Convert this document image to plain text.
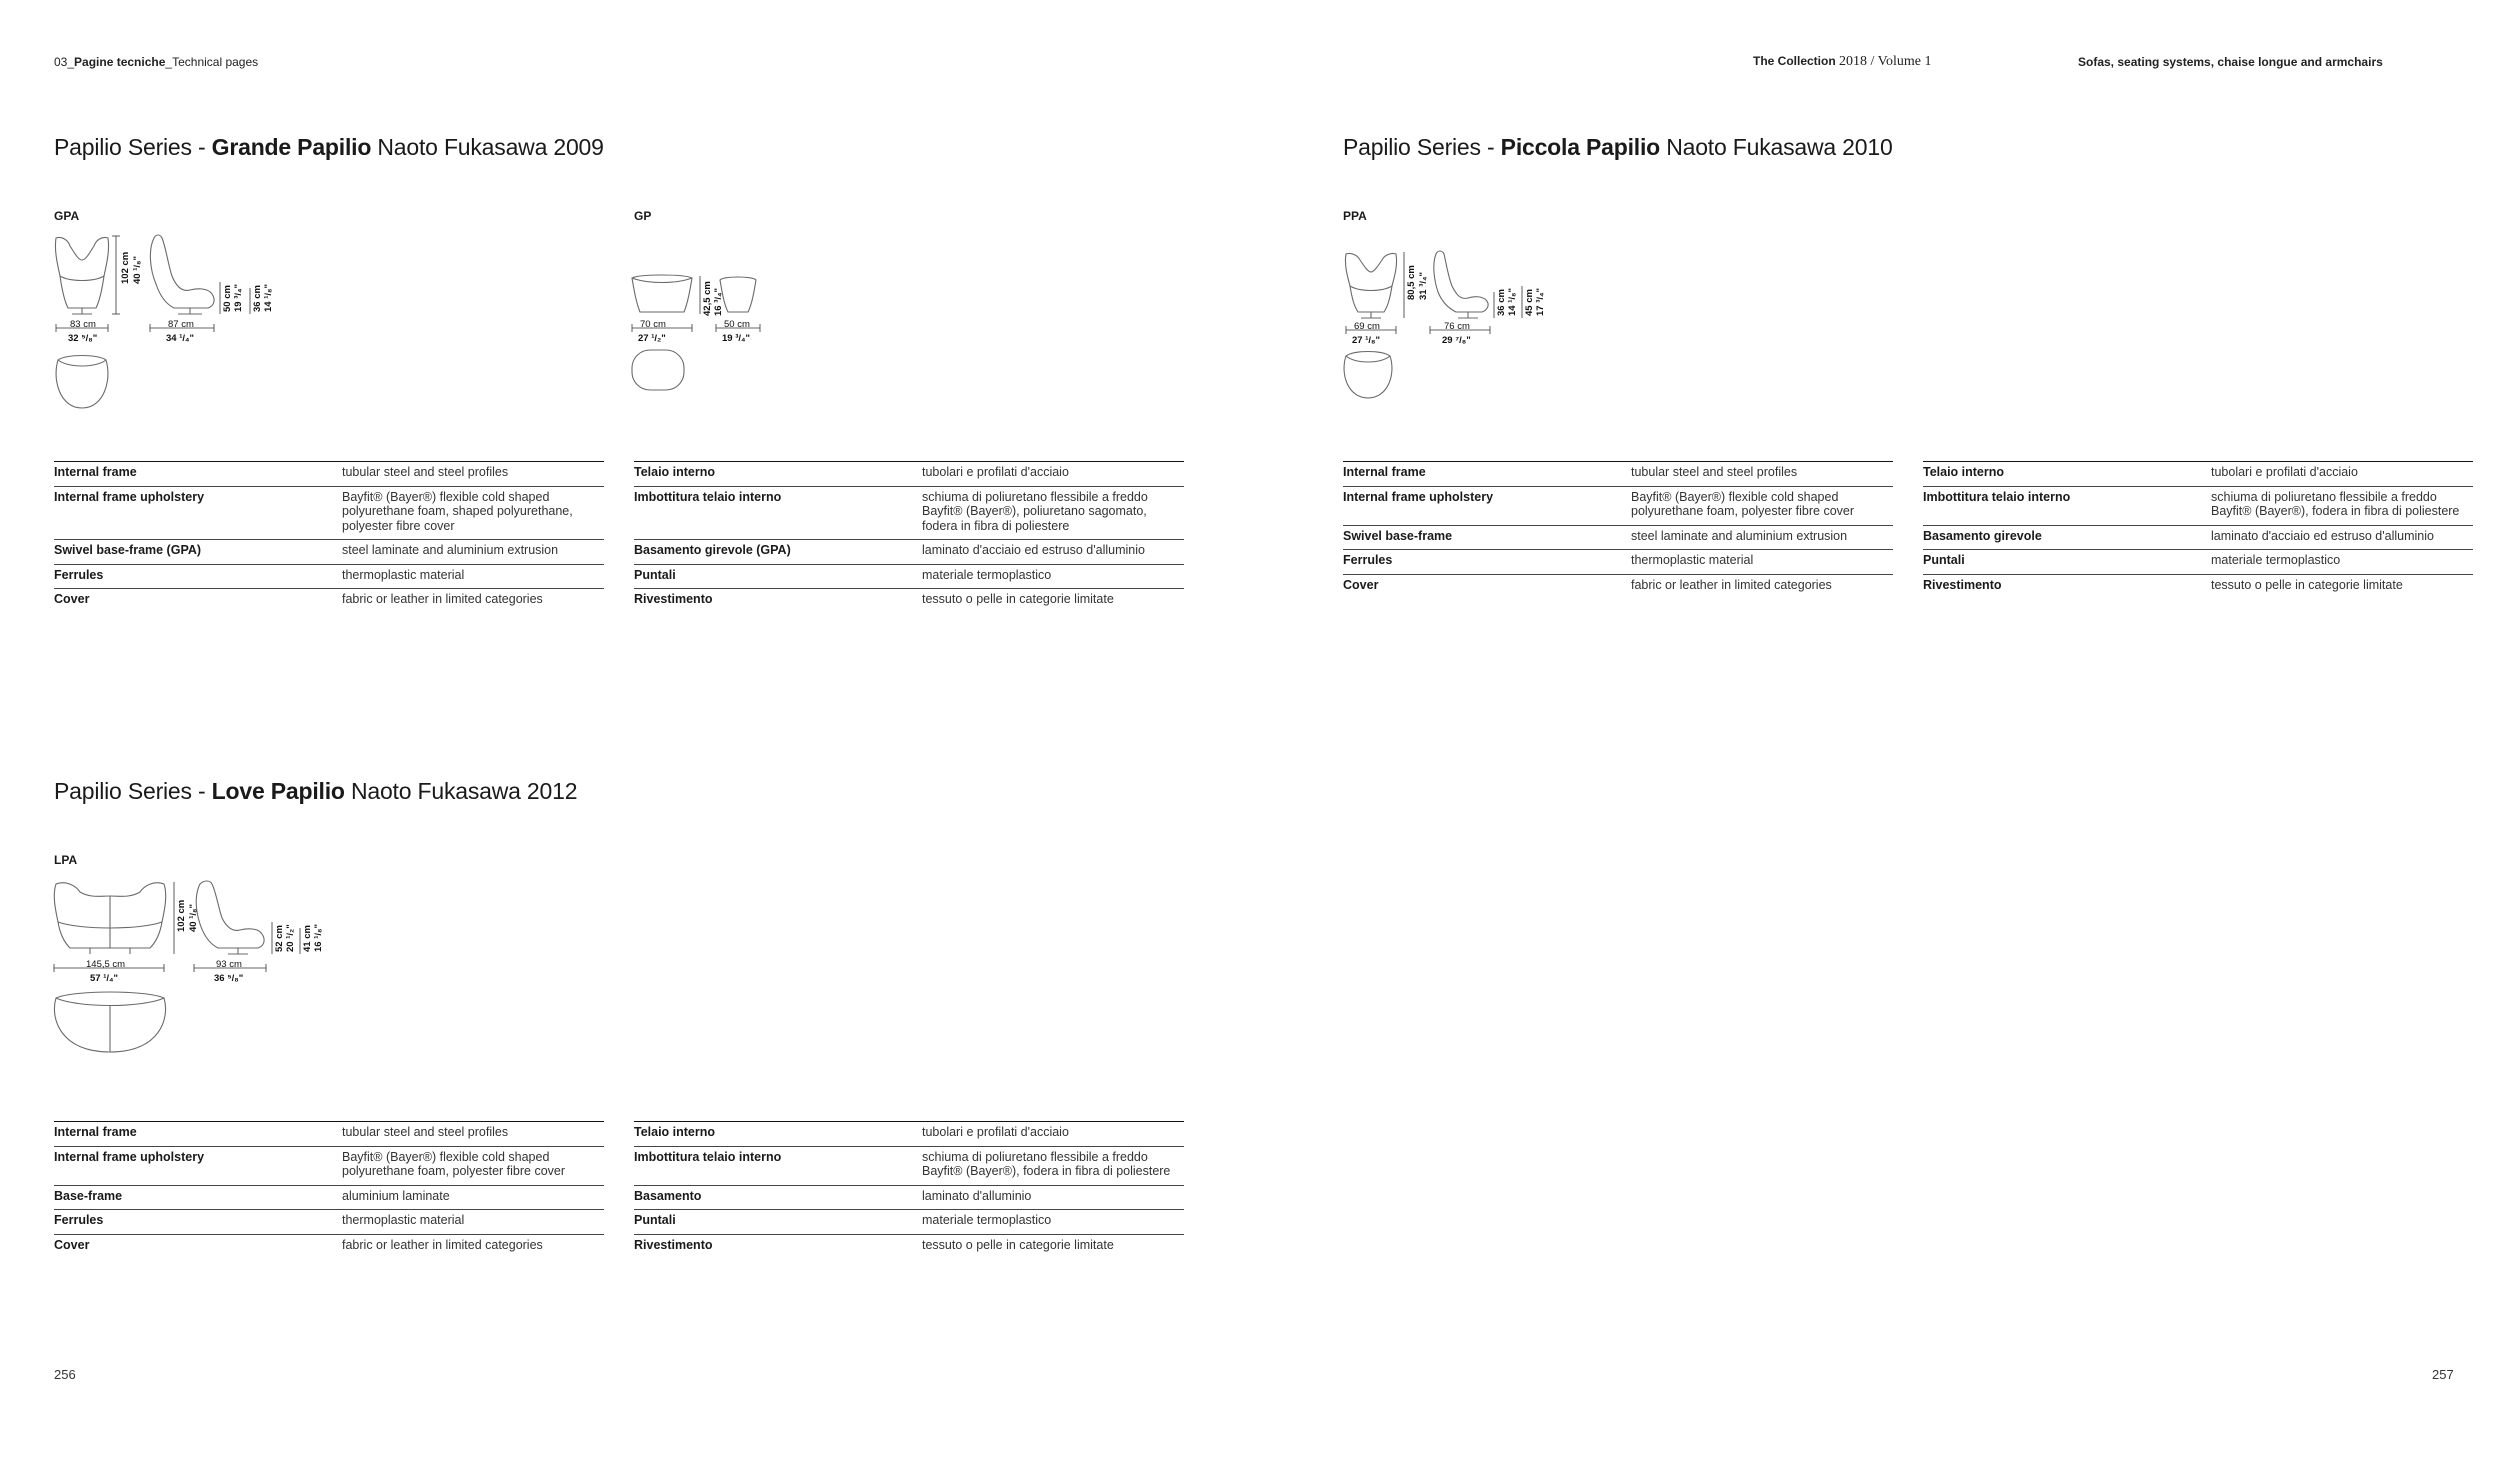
03_Pagine tecniche_Technical pages	The Collection 2018 / Volume 1	Sofas, seating systems, chaise longue and armchairs
Papilio Series - Grande Papilio Naoto Fukasawa 2009
GPA	GP
102 cm 40 ¹/₈"
83 cm
32 ⁵/₈"
87 cm
34 ¹/₄"
50 cm 19 ³/₄" 36 cm 14 ¹/₈"	42,5 cm 16 ³/₄"
70 cm
27 ¹/₂"
50 cm
19 ³/₄"
Internal frame	tubular steel and steel profiles
Internal frame upholstery	Bayfit® (Bayer®) flexible cold shaped polyurethane foam, shaped polyurethane, polyester fibre cover
Swivel base-frame (GPA)	steel laminate and aluminium extrusion
Ferrules	thermoplastic material
Cover	fabric or leather in limited categories
Telaio interno	tubolari e profilati d'acciaio
Imbottitura telaio interno	schiuma di poliuretano flessibile a freddo Bayfit® (Bayer®), poliuretano sagomato, fodera in fibra di poliestere
Basamento girevole (GPA)	laminato d'acciaio ed estruso d'alluminio
Puntali	materiale termoplastico
Rivestimento	tessuto o pelle in categorie limitate
Papilio Series - Piccola Papilio Naoto Fukasawa 2010
PPA
80,5 cm 31 ³/₄"
69 cm
27 ¹/₈"
76 cm
29 ⁷/₈"
36 cm 14 ¹/₈" 45 cm 17 ³/₄"
Internal frame	tubular steel and steel profiles
Internal frame upholstery	Bayfit® (Bayer®) flexible cold shaped polyurethane foam, polyester fibre cover
Swivel base-frame	steel laminate and aluminium extrusion
Ferrules	thermoplastic material
Cover	fabric or leather in limited categories
Telaio interno	tubolari e profilati d'acciaio
Imbottitura telaio interno	schiuma di poliuretano flessibile a freddo Bayfit® (Bayer®), fodera in fibra di poliestere
Basamento girevole	laminato d'acciaio ed estruso d'alluminio
Puntali	materiale termoplastico
Rivestimento	tessuto o pelle in categorie limitate
Papilio Series - Love Papilio Naoto Fukasawa 2012
LPA
102 cm 40 ¹/₈"
145,5 cm
57 ¹/₄"
93 cm
36 ⁵/₈"
52 cm 20 ¹/₂" 41 cm 16 ¹/₈"
Internal frame	tubular steel and steel profiles
Internal frame upholstery	Bayfit® (Bayer®) flexible cold shaped polyurethane foam, polyester fibre cover
Base-frame	aluminium laminate
Ferrules	thermoplastic material
Cover	fabric or leather in limited categories
Telaio interno	tubolari e profilati d'acciaio
Imbottitura telaio interno	schiuma di poliuretano flessibile a freddo Bayfit® (Bayer®), fodera in fibra di poliestere
Basamento	laminato d'alluminio
Puntali	materiale termoplastico
Rivestimento	tessuto o pelle in categorie limitate
256	257
